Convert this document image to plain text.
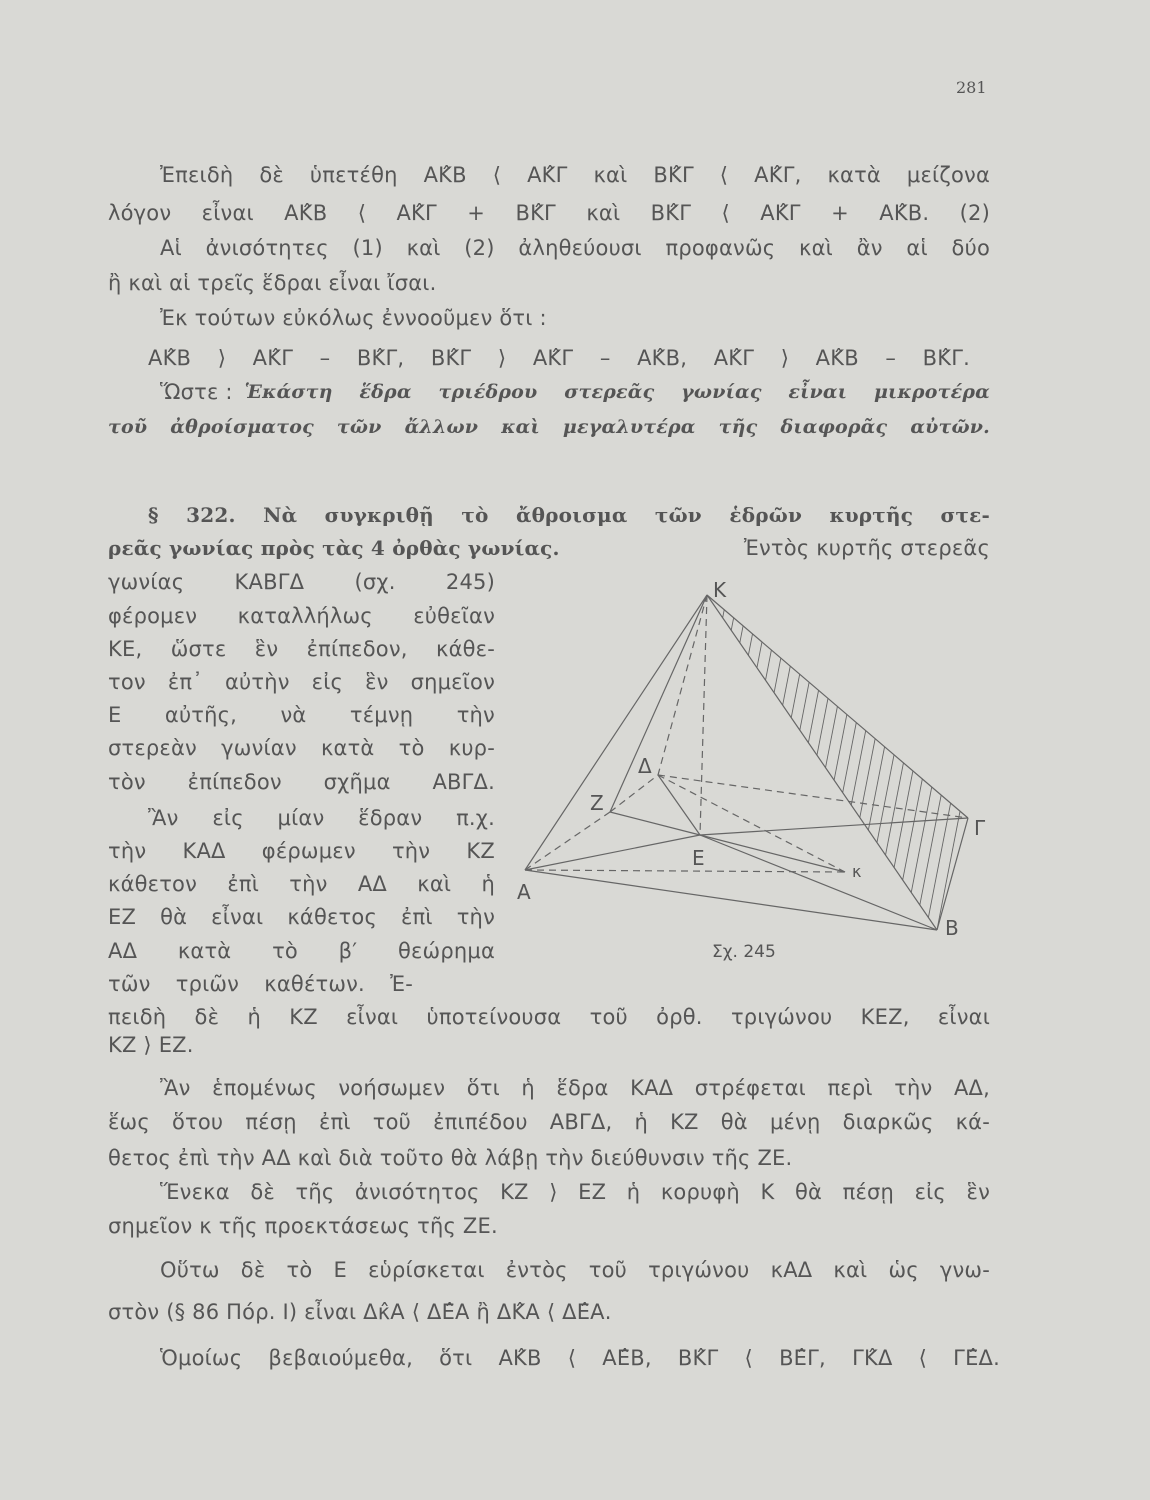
281
Ἐπειδὴ δὲ ὑπετέθη ΑΚ̂Β ⟨ ΑΚ̂Γ καὶ ΒΚ̂Γ ⟨ ΑΚ̂Γ, κατὰ μείζονα
λόγον εἶναι ΑΚ̂Β ⟨ ΑΚ̂Γ + ΒΚ̂Γ καὶ ΒΚ̂Γ ⟨ ΑΚ̂Γ + ΑΚ̂Β. (2)
Αἱ ἀνισότητες (1) καὶ (2) ἀληθεύουσι προφανῶς καὶ ἂν αἱ δύο
ἢ καὶ αἱ τρεῖς ἕδραι εἶναι ἴσαι.
Ἐκ τούτων εὐκόλως ἐννοοῦμεν ὅτι :
ΑΚ̂Β ⟩ ΑΚ̂Γ – ΒΚ̂Γ, ΒΚ̂Γ ⟩ ΑΚ̂Γ – ΑΚ̂Β, ΑΚ̂Γ ⟩ ΑΚ̂Β – ΒΚ̂Γ.
Ὥστε : Ἑκάστη ἕδρα τριέδρου στερεᾶς γωνίας εἶναι μικροτέρα
τοῦ ἀθροίσματος τῶν ἄλλων καὶ μεγαλυτέρα τῆς διαφορᾶς αὐτῶν.
§ 322. Νὰ συγκριθῇ τὸ ἄθροισμα τῶν ἑδρῶν κυρτῆς στε-
ρεᾶς γωνίας πρὸς τὰς 4 ὀρθὰς γωνίας.	Ἐντὸς κυρτῆς στερεᾶς
γωνίας ΚΑΒΓΔ (σχ. 245)
φέρομεν καταλλήλως εὐθεῖαν
ΚΕ, ὥστε ἓν ἐπίπεδον, κάθε-
τον ἐπ᾽ αὐτὴν εἰς ἓν σημεῖον
Ε αὐτῆς, νὰ τέμνῃ τὴν
στερεὰν γωνίαν κατὰ τὸ κυρ-
τὸν ἐπίπεδον σχῆμα ΑΒΓΔ.
Ἂν εἰς μίαν ἕδραν π.χ.
τὴν ΚΑΔ φέρωμεν τὴν ΚΖ
κάθετον ἐπὶ τὴν ΑΔ καὶ ἡ
ΕΖ θὰ εἶναι κάθετος ἐπὶ τὴν
ΑΔ κατὰ τὸ β′ θεώρημα
τῶν τριῶν καθέτων. Ἐ-
πειδὴ δὲ ἡ ΚΖ εἶναι ὑποτείνουσα τοῦ ὀρθ. τριγώνου ΚΕΖ, εἶναι
ΚΖ ⟩ ΕΖ.
Ἂν ἑπομένως νοήσωμεν ὅτι ἡ ἕδρα ΚΑΔ στρέφεται περὶ τὴν ΑΔ,
ἕως ὅτου πέσῃ ἐπὶ τοῦ ἐπιπέδου ΑΒΓΔ, ἡ ΚΖ θὰ μένῃ διαρκῶς κά-
θετος ἐπὶ τὴν ΑΔ καὶ διὰ τοῦτο θὰ λάβῃ τὴν διεύθυνσιν τῆς ΖΕ.
Ἕνεκα δὲ τῆς ἀνισότητος ΚΖ ⟩ ΕΖ ἡ κορυφὴ Κ θὰ πέσῃ εἰς ἓν
σημεῖον κ τῆς προεκτάσεως τῆς ΖΕ.
Οὕτω δὲ τὸ Ε εὑρίσκεται ἐντὸς τοῦ τριγώνου κΑΔ καὶ ὡς γνω-
στὸν (§ 86 Πόρ. Ι) εἶναι Δκ̂Α ⟨ ΔΕ̂Α ἢ ΔΚ̂Α ⟨ ΔΕ̂Α.
Ὁμοίως βεβαιούμεθα, ὅτι ΑΚ̂Β ⟨ ΑΕ̂Β, ΒΚ̂Γ ⟨ ΒΕ̂Γ, ΓΚ̂Δ ⟨ ΓΕ̂Δ.
Κ
Δ
Ζ
Γ
Ε
κ
Α
Β
Σχ. 245
